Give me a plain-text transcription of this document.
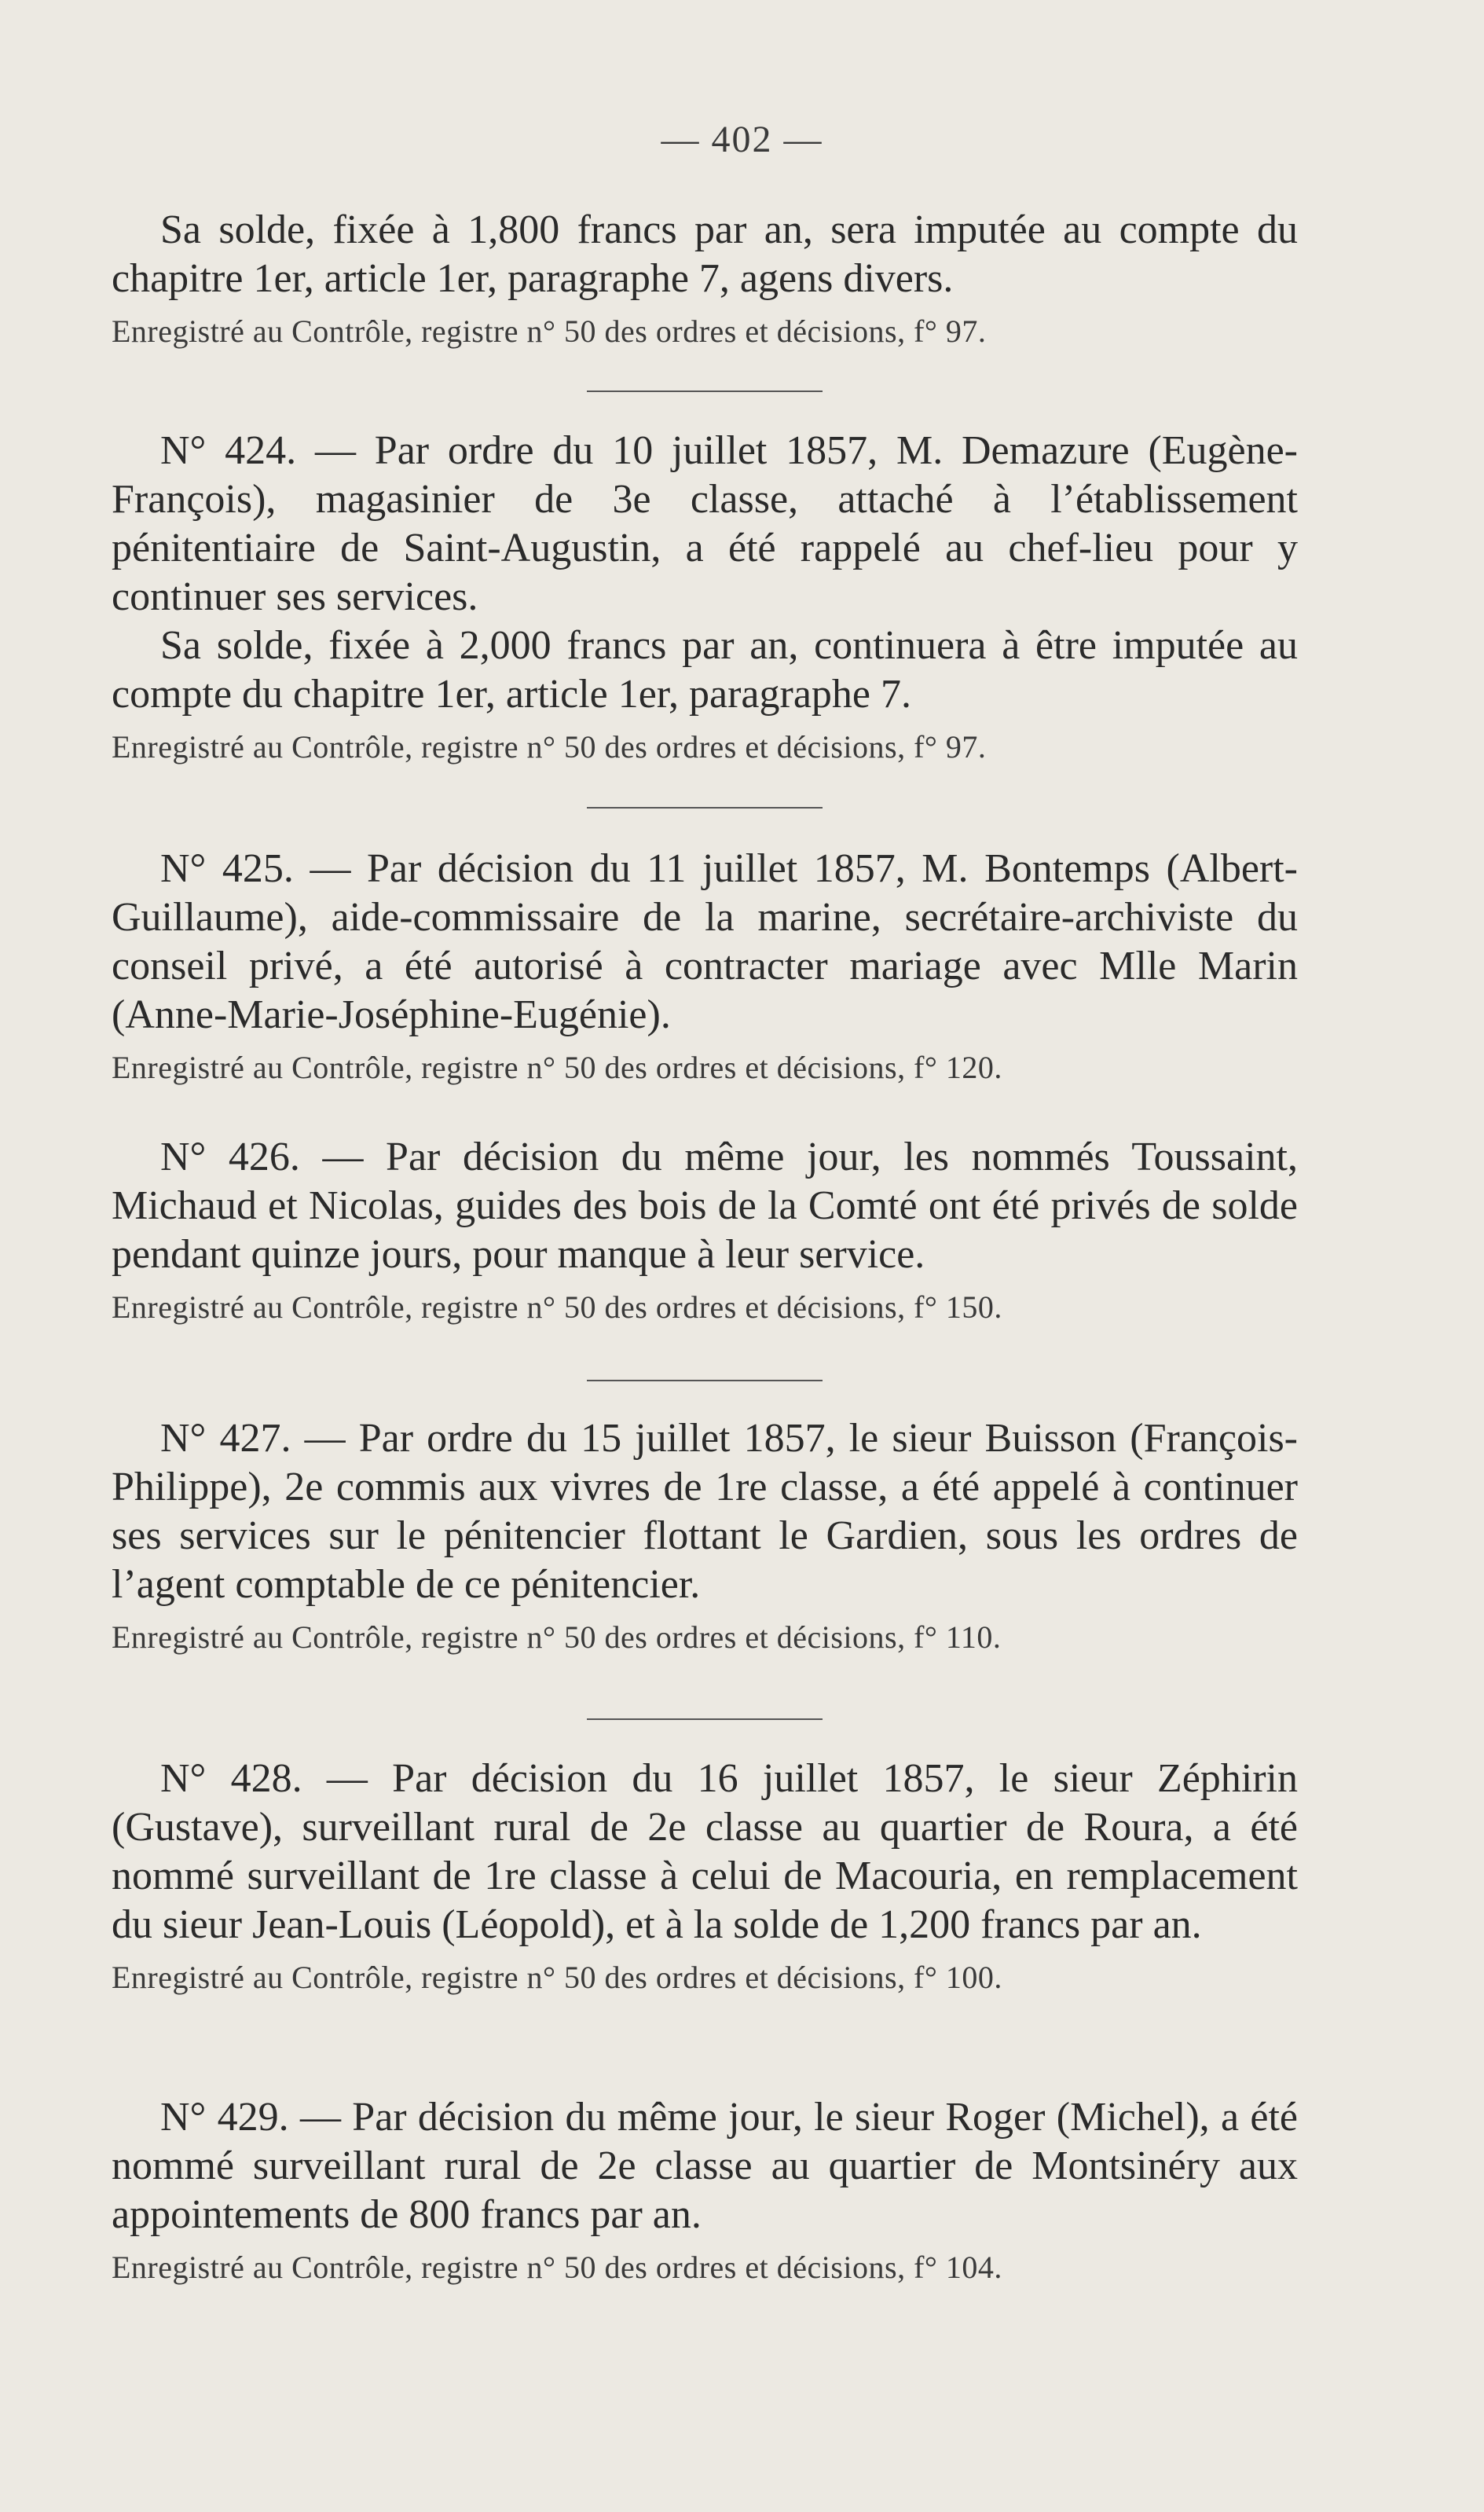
— 402 —

Sa solde, fixée à 1,800 francs par an, sera imputée au compte du chapitre 1er, article 1er, paragraphe 7, agens divers.

Enregistré au Contrôle, registre n° 50 des ordres et décisions, f° 97.

N° 424. — Par ordre du 10 juillet 1857, M. Demazure (Eugène-François), magasinier de 3e classe, attaché à l’établissement pénitentiaire de Saint-Augustin, a été rappelé au chef-lieu pour y continuer ses services.

Sa solde, fixée à 2,000 francs par an, continuera à être imputée au compte du chapitre 1er, article 1er, paragraphe 7.

Enregistré au Contrôle, registre n° 50 des ordres et décisions, f° 97.

N° 425. — Par décision du 11 juillet 1857, M. Bontemps (Albert-Guillaume), aide-commissaire de la marine, secrétaire-archiviste du conseil privé, a été autorisé à contracter mariage avec Mlle Marin (Anne-Marie-Joséphine-Eugénie).

Enregistré au Contrôle, registre n° 50 des ordres et décisions, f° 120.

N° 426. — Par décision du même jour, les nommés Toussaint, Michaud et Nicolas, guides des bois de la Comté ont été privés de solde pendant quinze jours, pour manque à leur service.

Enregistré au Contrôle, registre n° 50 des ordres et décisions, f° 150.

N° 427. — Par ordre du 15 juillet 1857, le sieur Buisson (François-Philippe), 2e commis aux vivres de 1re classe, a été appelé à continuer ses services sur le pénitencier flottant le Gardien, sous les ordres de l’agent comptable de ce pénitencier.

Enregistré au Contrôle, registre n° 50 des ordres et décisions, f° 110.

N° 428. — Par décision du 16 juillet 1857, le sieur Zéphirin (Gustave), surveillant rural de 2e classe au quartier de Roura, a été nommé surveillant de 1re classe à celui de Macouria, en remplacement du sieur Jean-Louis (Léopold), et à la solde de 1,200 francs par an.

Enregistré au Contrôle, registre n° 50 des ordres et décisions, f° 100.

N° 429. — Par décision du même jour, le sieur Roger (Michel), a été nommé surveillant rural de 2e classe au quartier de Montsinéry aux appointements de 800 francs par an.

Enregistré au Contrôle, registre n° 50 des ordres et décisions, f° 104.
